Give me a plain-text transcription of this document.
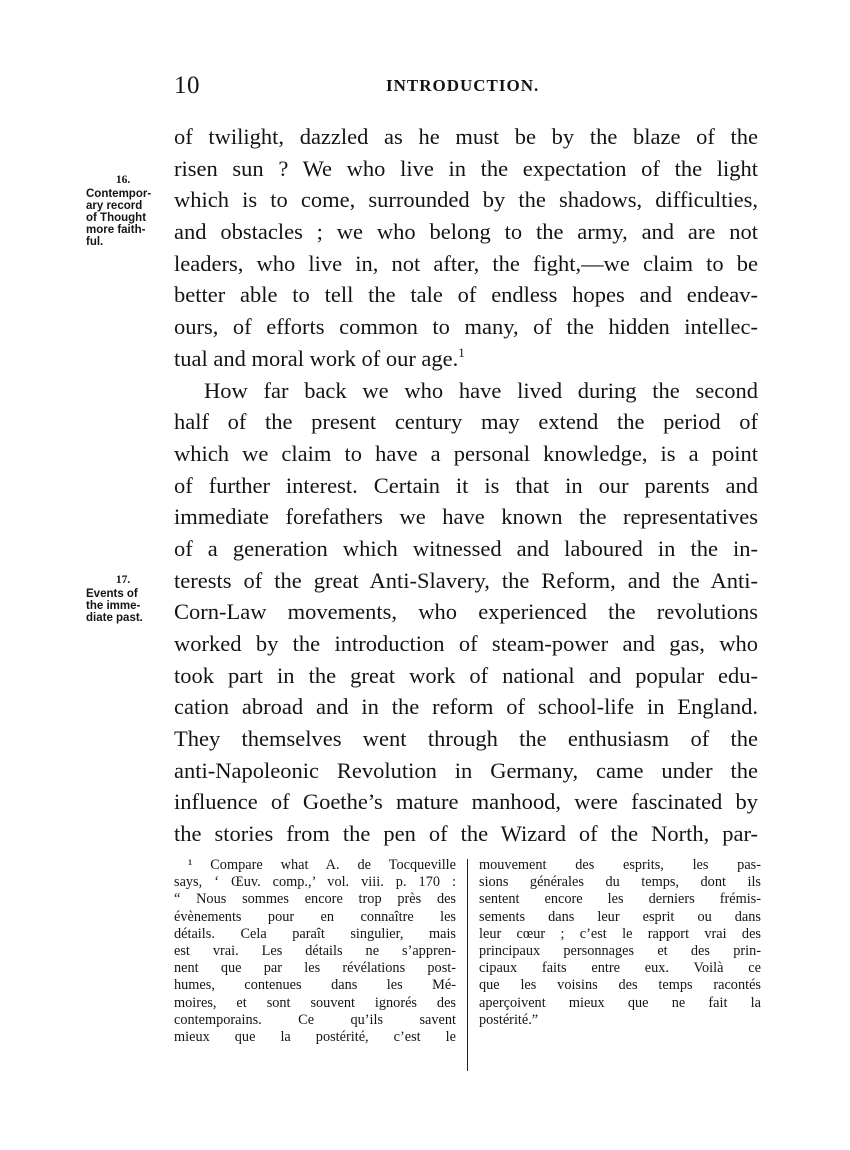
10	INTRODUCTION.
16.
Contempor-
ary record
of Thought
more faith-
ful.
17.
Events of
the imme-
diate past.
of twilight, dazzled as he must be by the blaze of the
risen sun ? We who live in the expectation of the light
which is to come, surrounded by the shadows, difficulties,
and obstacles ; we who belong to the army, and are not
leaders, who live in, not after, the fight,—we claim to be
better able to tell the tale of endless hopes and endeav-
ours, of efforts common to many, of the hidden intellec-
tual and moral work of our age.$^1$
How far back we who have lived during the second
half of the present century may extend the period of
which we claim to have a personal knowledge, is a point
of further interest. Certain it is that in our parents and
immediate forefathers we have known the representatives
of a generation which witnessed and laboured in the in-
terests of the great Anti-Slavery, the Reform, and the Anti-
Corn-Law movements, who experienced the revolutions
worked by the introduction of steam-power and gas, who
took part in the great work of national and popular edu-
cation abroad and in the reform of school-life in England.
They themselves went through the enthusiasm of the
anti-Napoleonic Revolution in Germany, came under the
influence of Goethe’s mature manhood, were fascinated by
the stories from the pen of the Wizard of the North, par-
¹ Compare what A. de Tocqueville
says, ‘ Œuv. comp.,’ vol. viii. p. 170 :
“ Nous sommes encore trop près des
évènements pour en connaître les
détails. Cela paraît singulier, mais
est vrai. Les détails ne s’appren-
nent que par les révélations post-
humes, contenues dans les Mé-
moires, et sont souvent ignorés des
contemporains. Ce qu’ils savent
mieux que la postérité, c’est le
mouvement des esprits, les pas-
sions générales du temps, dont ils
sentent encore les derniers frémis-
sements dans leur esprit ou dans
leur cœur ; c’est le rapport vrai des
principaux personnages et des prin-
cipaux faits entre eux. Voilà ce
que les voisins des temps racontés
aperçoivent mieux que ne fait la
postérité.”
